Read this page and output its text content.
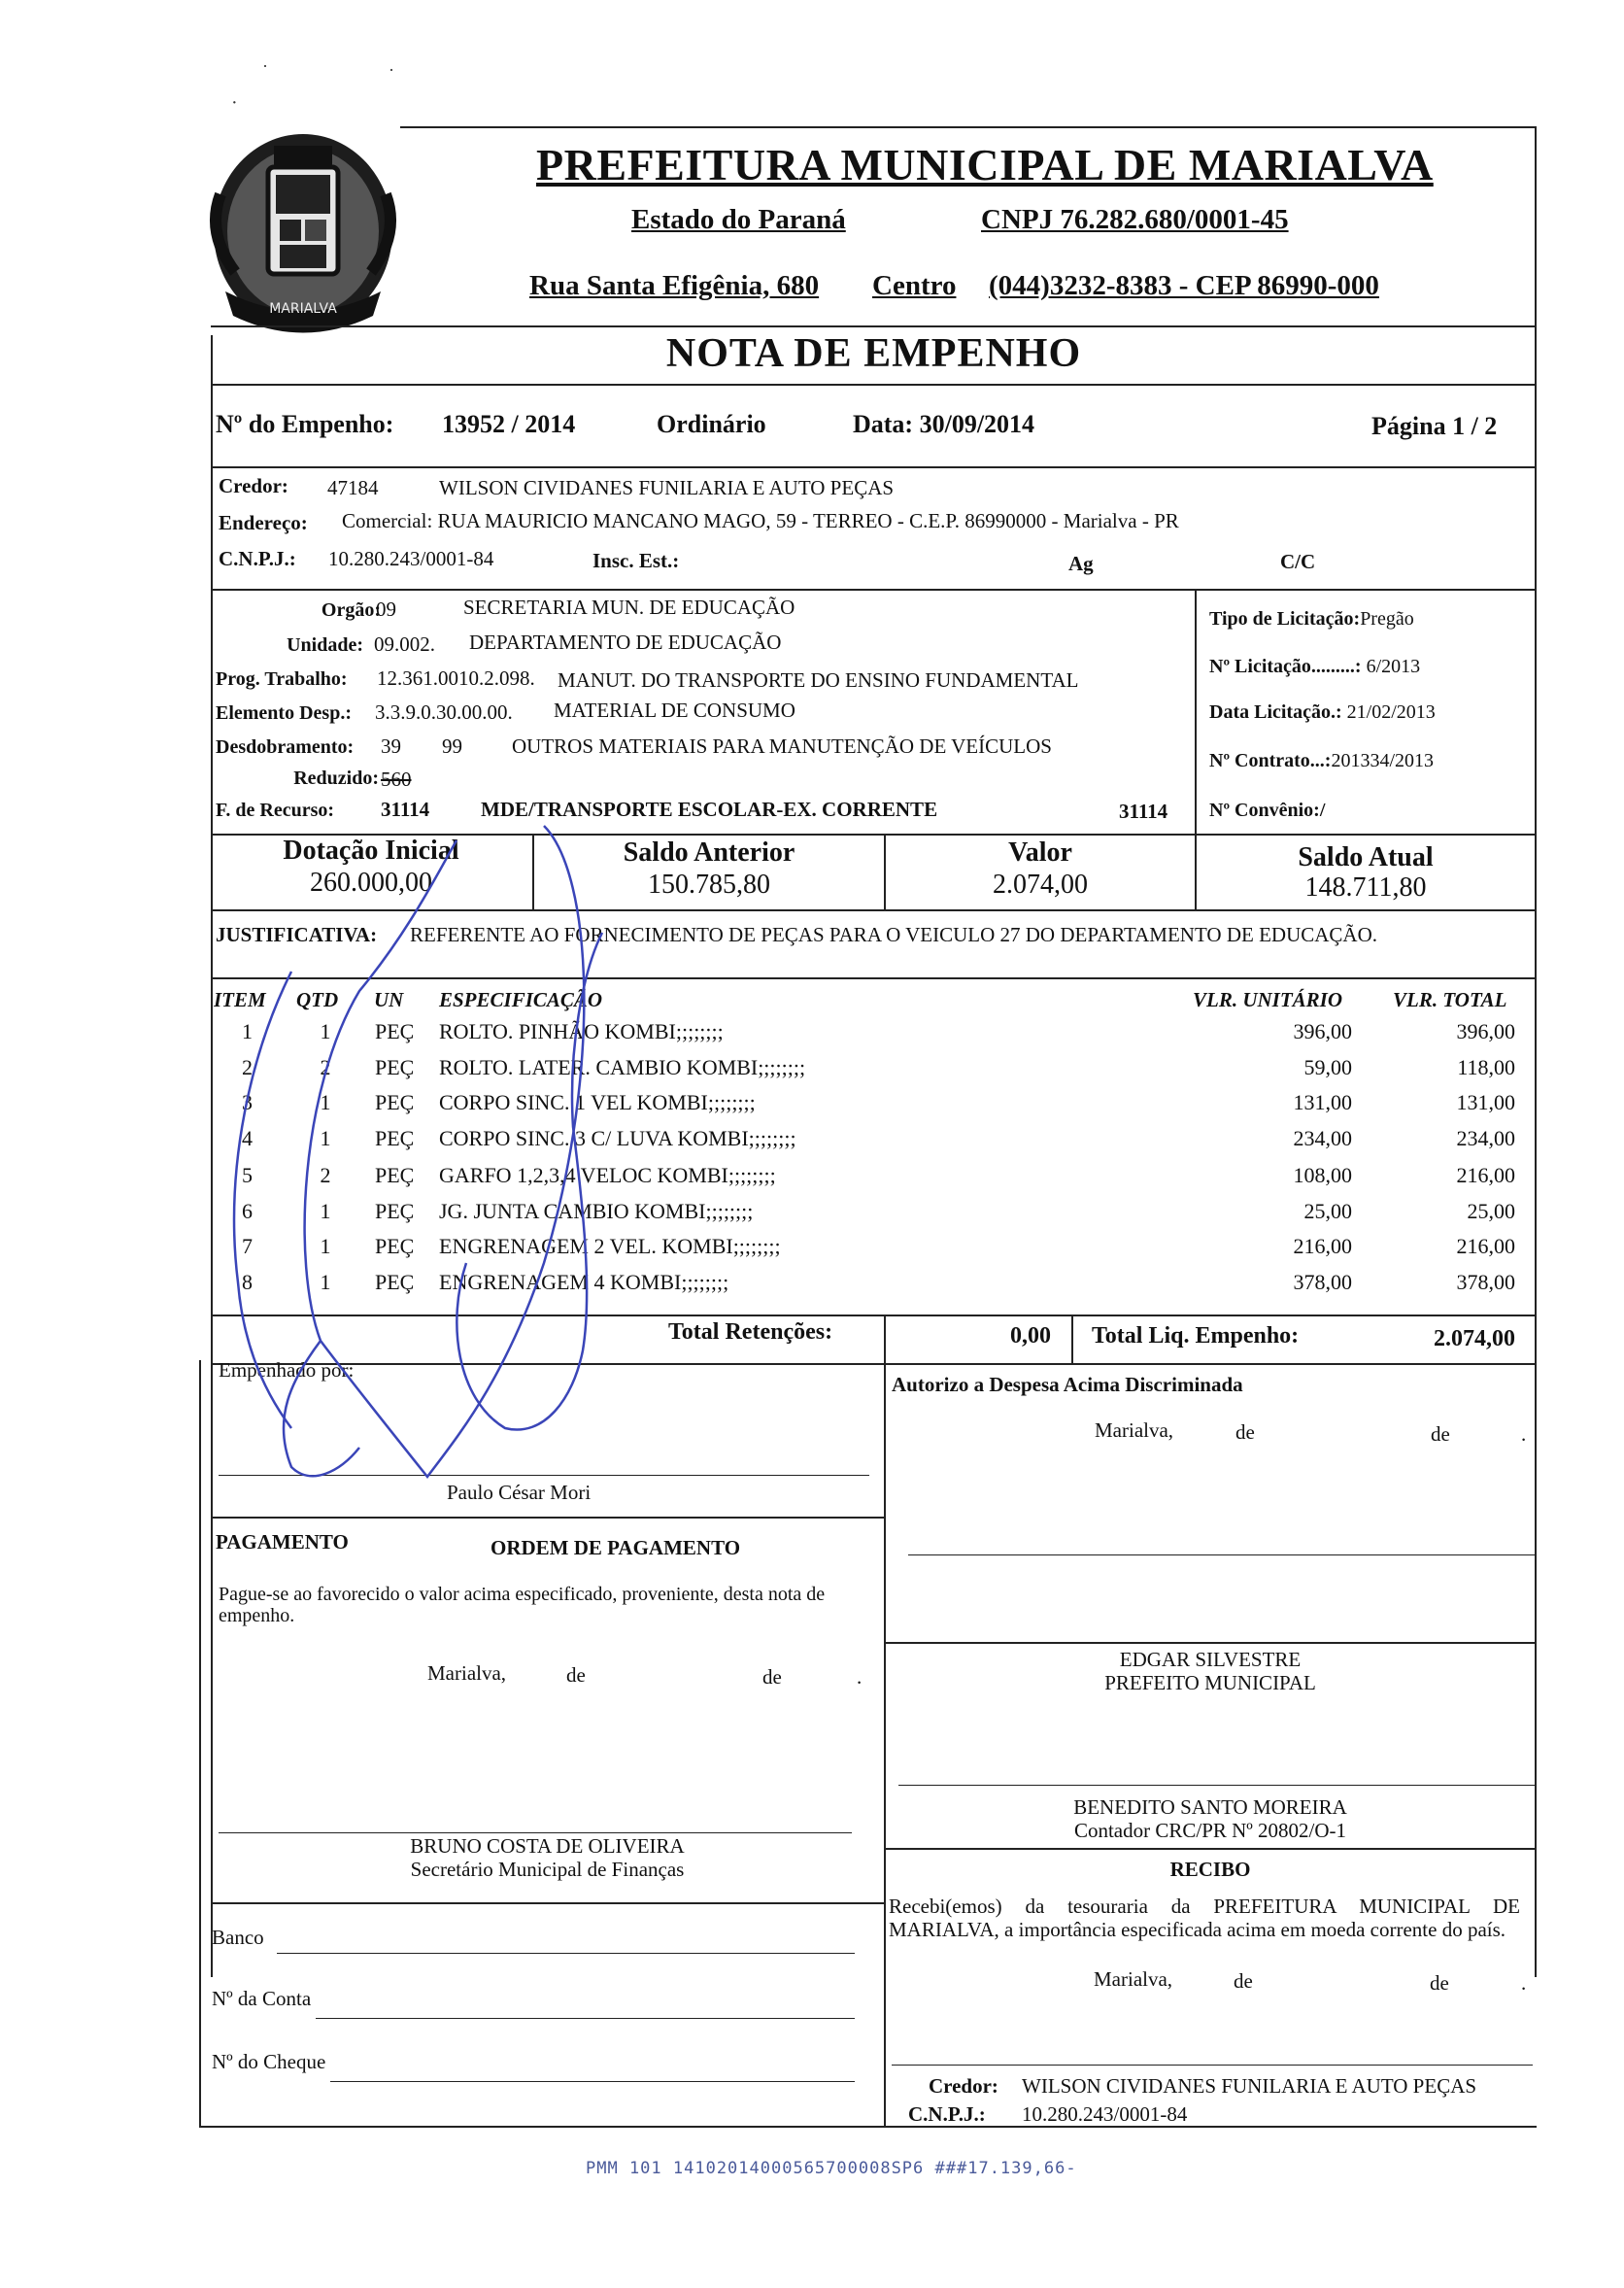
·
·
·
MARIALVA
PREFEITURA MUNICIPAL DE MARIALVA
Estado do Paraná	CNPJ 76.282.680/0001-45
Rua Santa Efigênia, 680 Centro (044)3232-8383 - CEP 86990-000
NOTA DE EMPENHO
Nº do Empenho: 13952 / 2014	Ordinário	Data: 30/09/2014	Página 1 / 2
Credor: 47184	WILSON CIVIDANES FUNILARIA E AUTO PEÇAS
Endereço: Comercial: RUA MAURICIO MANCANO MAGO, 59 - TERREO - C.E.P. 86990000 - Marialva - PR
C.N.P.J.: 10.280.243/0001-84	Insc. Est.:	Ag	C/C
Orgão:
09	SECRETARIA MUN. DE EDUCAÇÃO
Unidade: 09.002. DEPARTAMENTO DE EDUCAÇÃO
Prog. Trabalho: 12.361.0010.2.098. MANUT. DO TRANSPORTE DO ENSINO FUNDAMENTAL
Elemento Desp.: 3.3.9.0.30.00.00. MATERIAL DE CONSUMO
Desdobramento: 39 99 OUTROS MATERIAIS PARA MANUTENÇÃO DE VEÍCULOS
Reduzido: 560
F. de Recurso: 31114	MDE/TRANSPORTE ESCOLAR-EX. CORRENTE	31114
Tipo de Licitação:Pregão
Nº Licitação.........: 6/2013
Data Licitação.: 21/02/2013
Nº Contrato...:201334/2013
Nº Convênio:/
Dotação Inicial
260.000,00
Saldo Anterior
150.785,80
Valor
2.074,00
Saldo Atual
148.711,80
JUSTIFICATIVA: REFERENTE AO FORNECIMENTO DE PEÇAS PARA O VEICULO 27 DO DEPARTAMENTO DE EDUCAÇÃO.
ITEM QTD UN ESPECIFICAÇÃO	VLR. UNITÁRIO VLR. TOTAL
1	1	PEÇ	ROLTO. PINHÃO KOMBI;;;;;;;;	396,00	396,00
2	2	PEÇ	ROLTO. LATER. CAMBIO KOMBI;;;;;;;;	59,00	118,00
3	1	PEÇ	CORPO SINC. 1 VEL KOMBI;;;;;;;;	131,00	131,00
4	1	PEÇ	CORPO SINC. 3 C/ LUVA KOMBI;;;;;;;;	234,00	234,00
5	2	PEÇ	GARFO 1,2,3,4 VELOC KOMBI;;;;;;;;	108,00	216,00
6	1	PEÇ	JG. JUNTA CAMBIO KOMBI;;;;;;;;	25,00	25,00
7	1	PEÇ	ENGRENAGEM 2 VEL. KOMBI;;;;;;;;	216,00	216,00
8	1	PEÇ	ENGRENAGEM 4 KOMBI;;;;;;;;	378,00	378,00
Total Retenções:	0,00 Total Liq. Empenho:	2.074,00
Empenhado por:
Paulo César Mori
PAGAMENTO	ORDEM DE PAGAMENTO
Pague-se ao favorecido o valor acima especificado, proveniente, desta nota de empenho.
Marialva,	de	de	.
BRUNO COSTA DE OLIVEIRA
Secretário Municipal de Finanças
Banco
Nº da Conta
Nº do Cheque
Autorizo a Despesa Acima Discriminada
Marialva,	de	de	.
EDGAR SILVESTRE
PREFEITO MUNICIPAL
BENEDITO SANTO MOREIRA
Contador CRC/PR Nº 20802/O-1
RECIBO
Recebi(emos) da tesouraria da PREFEITURA MUNICIPAL DE MARIALVA, a importância especificada acima em moeda corrente do país.
Marialva,	de	de	.
Credor: WILSON CIVIDANES FUNILARIA E AUTO PEÇAS
C.N.P.J.: 10.280.243/0001-84
PMM 101 14102014000565700008SP6 ###17.139,66-
